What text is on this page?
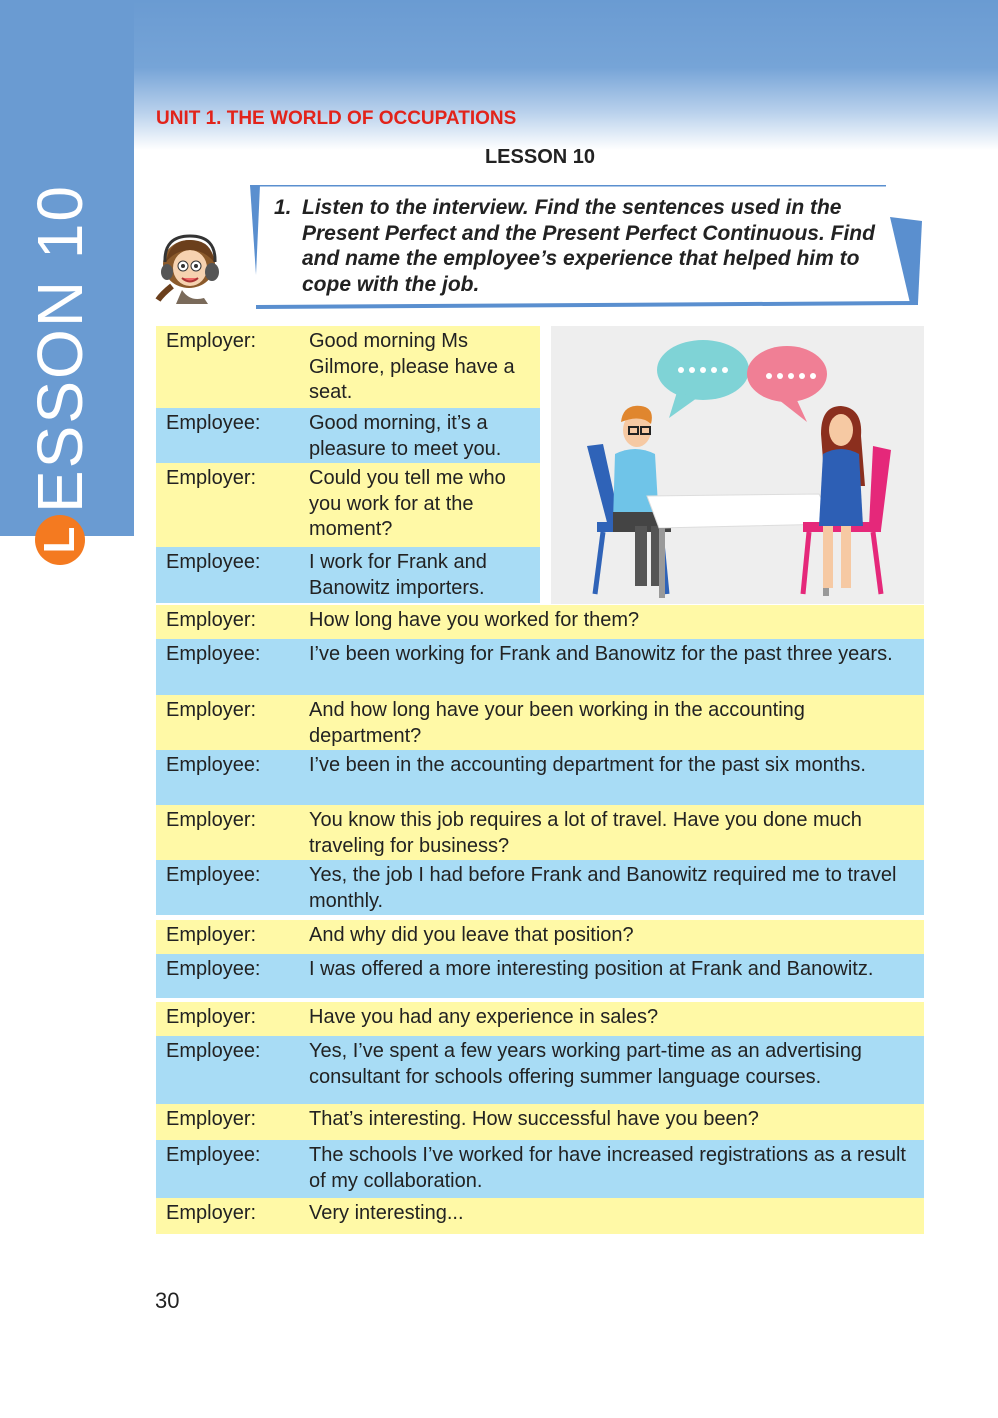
L
ESSON 10
UNIT 1. THE WORLD OF OCCUPATIONS
LESSON 10
1. Listen to the interview. Find the sentences used in the Present Perfect and the Present Perfect Continuous. Find and name the employee’s experience that helped him to cope with the job.
Employer:	Good morning Ms Gilmore, please have a seat.
Employee:	Good morning, it’s a pleasure to meet you.
Employer:	Could you tell me who you work for at the moment?
Employee:	I work for Frank and Banowitz importers.
Employer:	How long have you worked for them?
Employee:	I’ve been working for Frank and Banowitz for the past three years.
Employer:	And how long have your been working in the accounting department?
Employee:	I’ve been in the accounting department for the past six months.
Employer:	You know this job requires a lot of travel. Have you done much traveling for business?
Employee:	Yes, the job I had before Frank and Banowitz required me to travel monthly.
Employer:	And why did you leave that position?
Employee:	I was offered a more interesting position at Frank and Banowitz.
Employer:	Have you had any experience in sales?
Employee:	Yes, I’ve spent a few years working part-time as an advertising consultant for schools offering summer language courses.
Employer:	That’s interesting. How successful have you been?
Employee:	The schools I’ve worked for have increased registrations as a result of my collaboration.
Employer:	Very interesting...
30
